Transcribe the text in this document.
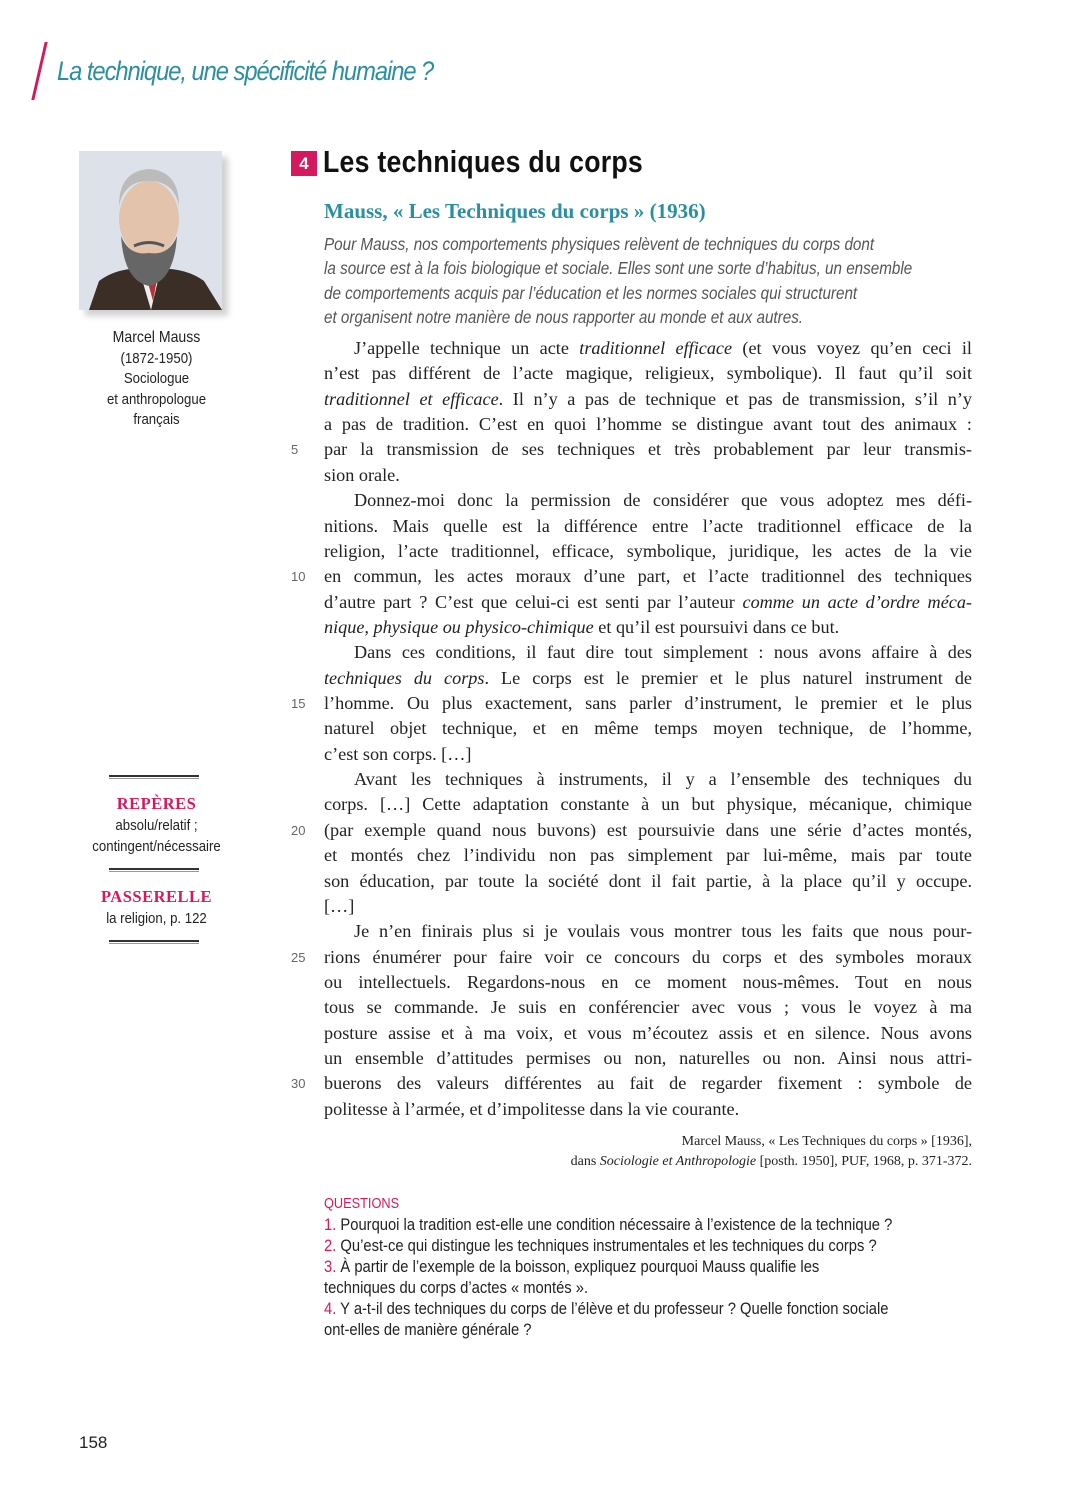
La technique, une spécificité humaine ?
Marcel Mauss
(1872-1950)
Sociologue
et anthropologue
français
REPÈRES
absolu/relatif ;
contingent/nécessaire
PASSERELLE
la religion, p. 122
4 Les techniques du corps
Mauss, « Les Techniques du corps » (1936)
Pour Mauss, nos comportements physiques relèvent de techniques du corps dont
la source est à la fois biologique et sociale. Elles sont une sorte d’habitus, un ensemble
de comportements acquis par l’éducation et les normes sociales qui structurent
et organisent notre manière de nous rapporter au monde et aux autres.
J’appelle technique un acte traditionnel efficace (et vous voyez qu’en ceci il
n’est pas différent de l’acte magique, religieux, symbolique). Il faut qu’il soit
traditionnel et efficace. Il n’y a pas de technique et pas de transmission, s’il n’y
a pas de tradition. C’est en quoi l’homme se distingue avant tout des animaux :
5 par la transmission de ses techniques et très probablement par leur transmis-
sion orale.
Donnez-moi donc la permission de considérer que vous adoptez mes défi-
nitions. Mais quelle est la différence entre l’acte traditionnel efficace de la
religion, l’acte traditionnel, efficace, symbolique, juridique, les actes de la vie
10 en commun, les actes moraux d’une part, et l’acte traditionnel des techniques
d’autre part ? C’est que celui-ci est senti par l’auteur comme un acte d’ordre méca-
nique, physique ou physico-chimique et qu’il est poursuivi dans ce but.
Dans ces conditions, il faut dire tout simplement : nous avons affaire à des
techniques du corps. Le corps est le premier et le plus naturel instrument de
15 l’homme. Ou plus exactement, sans parler d’instrument, le premier et le plus
naturel objet technique, et en même temps moyen technique, de l’homme,
c’est son corps. […]
Avant les techniques à instruments, il y a l’ensemble des techniques du
corps. […] Cette adaptation constante à un but physique, mécanique, chimique
20 (par exemple quand nous buvons) est poursuivie dans une série d’actes montés,
et montés chez l’individu non pas simplement par lui-même, mais par toute
son éducation, par toute la société dont il fait partie, à la place qu’il y occupe.
[…]
Je n’en finirais plus si je voulais vous montrer tous les faits que nous pour-
25 rions énumérer pour faire voir ce concours du corps et des symboles moraux
ou intellectuels. Regardons-nous en ce moment nous-mêmes. Tout en nous
tous se commande. Je suis en conférencier avec vous ; vous le voyez à ma
posture assise et à ma voix, et vous m’écoutez assis et en silence. Nous avons
un ensemble d’attitudes permises ou non, naturelles ou non. Ainsi nous attri-
30 buerons des valeurs différentes au fait de regarder fixement : symbole de
politesse à l’armée, et d’impolitesse dans la vie courante.
Marcel Mauss, « Les Techniques du corps » [1936],
dans Sociologie et Anthropologie [posth. 1950], PUF, 1968, p. 371-372.
QUESTIONS
1. Pourquoi la tradition est-elle une condition nécessaire à l’existence de la technique ?
2. Qu’est-ce qui distingue les techniques instrumentales et les techniques du corps ?
3. À partir de l’exemple de la boisson, expliquez pourquoi Mauss qualifie les
techniques du corps d’actes « montés ».
4. Y a-t-il des techniques du corps de l’élève et du professeur ? Quelle fonction sociale
ont-elles de manière générale ?
158
